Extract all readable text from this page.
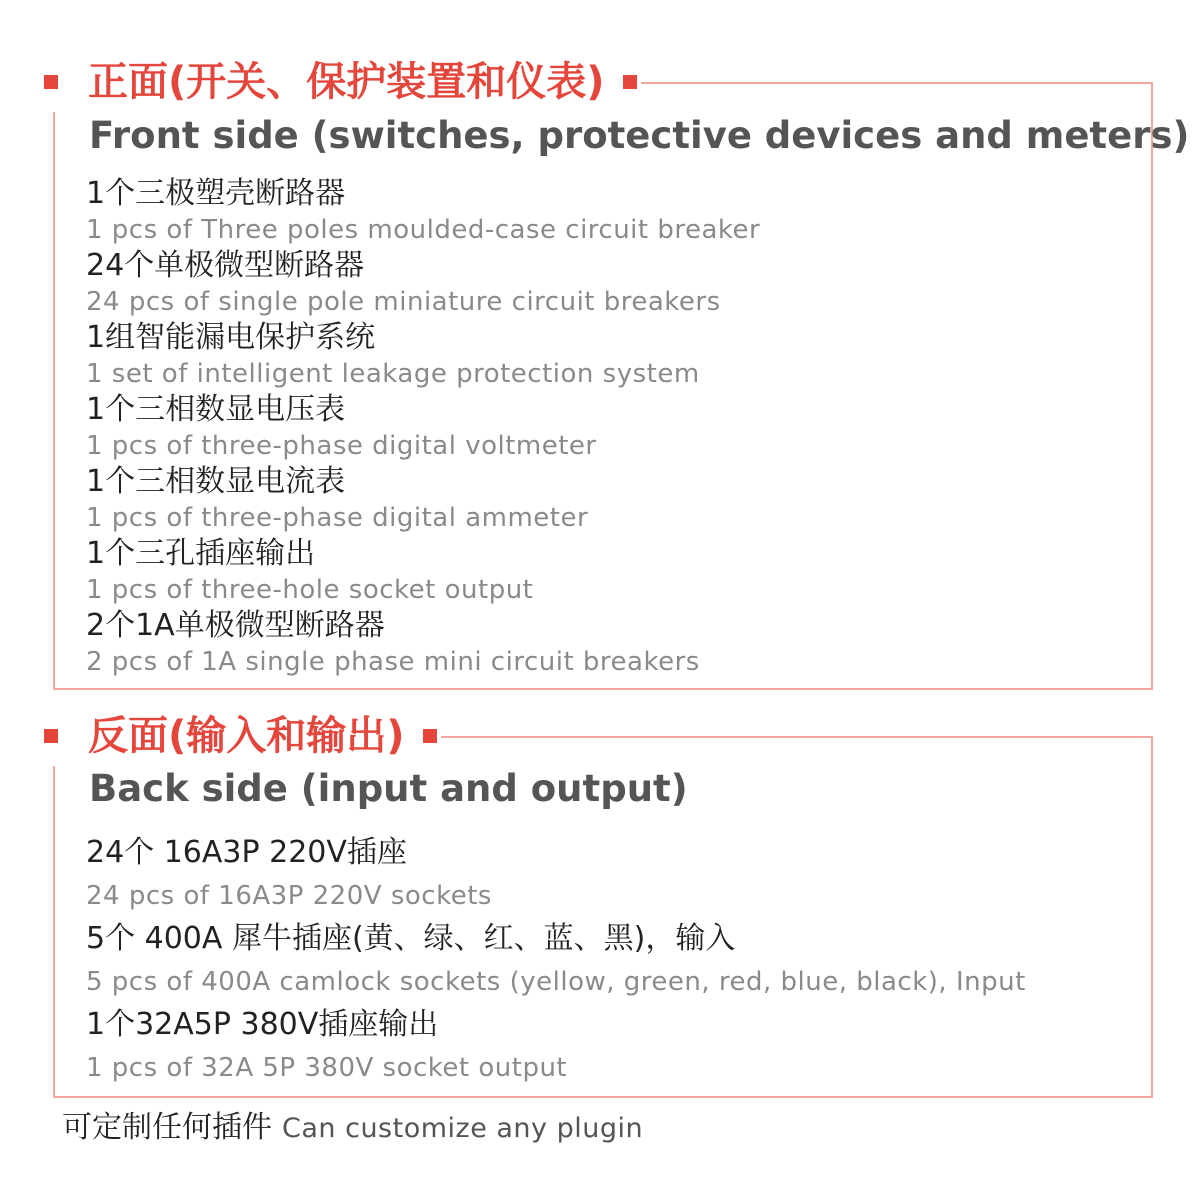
正面(开关、保护装置和仪表)
Front side (switches, protective devices and meters)
1个三极塑壳断路器
1 pcs of Three poles moulded-case circuit breaker
24个单极微型断路器
24 pcs of single pole miniature circuit breakers
1组智能漏电保护系统
1 set of intelligent leakage protection system
1个三相数显电压表
1 pcs of three-phase digital voltmeter
1个三相数显电流表
1 pcs of three-phase digital ammeter
1个三孔插座输出
1 pcs of three-hole socket output
2个1A单极微型断路器
2 pcs of 1A single phase mini circuit breakers
反面(输入和输出)
Back side (input and output)
24个 16A3P 220V插座
24 pcs of 16A3P 220V sockets
5个 400A 犀牛插座(黄、绿、红、蓝、黑)，输入
5 pcs of 400A camlock sockets (yellow, green, red, blue, black), Input
1个32A5P 380V插座输出
1 pcs of 32A 5P 380V socket output
可定制任何插件 Can customize any plugin
